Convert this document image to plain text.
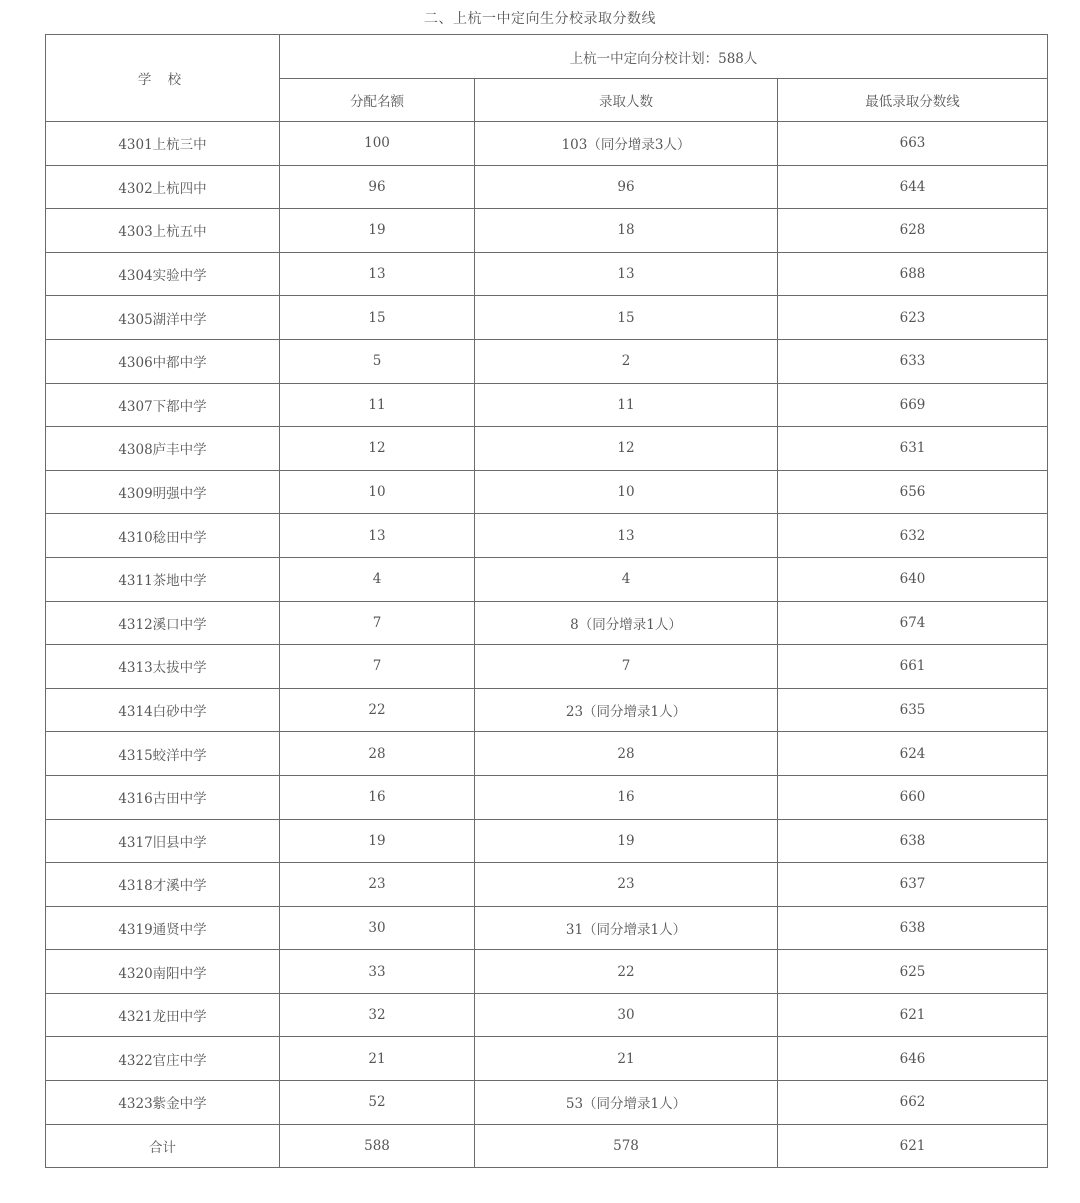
二、上杭一中定向生分校录取分数线
学 校	上杭一中定向分校计划：588人		
	分配名额	录取人数	最低录取分数线
4301上杭三中	100	103（同分增录3人）	663
4302上杭四中	96	96	644
4303上杭五中	19	18	628
4304实验中学	13	13	688
4305湖洋中学	15	15	623
4306中都中学	5	2	633
4307下都中学	11	11	669
4308庐丰中学	12	12	631
4309明强中学	10	10	656
4310稔田中学	13	13	632
4311茶地中学	4	4	640
4312溪口中学	7	8（同分增录1人）	674
4313太拔中学	7	7	661
4314白砂中学	22	23（同分增录1人）	635
4315蛟洋中学	28	28	624
4316古田中学	16	16	660
4317旧县中学	19	19	638
4318才溪中学	23	23	637
4319通贤中学	30	31（同分增录1人）	638
4320南阳中学	33	22	625
4321龙田中学	32	30	621
4322官庄中学	21	21	646
4323紫金中学	52	53（同分增录1人）	662
合计	588	578	621
